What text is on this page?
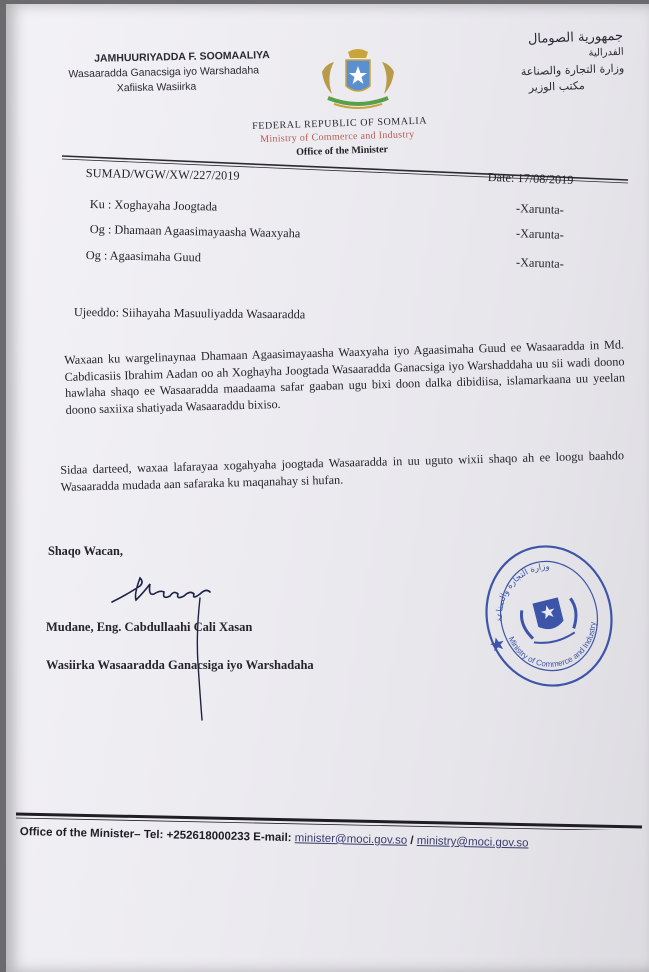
JAMHUURIYADDA F. SOOMAALIYA
Wasaaradda Ganacsiga iyo Warshadaha
Xafiiska Wasiirka
جمهورية الصومال
الفدرالية
وزارة التجارة والصناعة
مكتب الوزير
FEDERAL REPUBLIC OF SOMALIA
Ministry of Commerce and Industry
Office of the Minister
SUMAD/WGW/XW/227/2019	Date: 17/08/2019
Ku : Xoghayaha Joogtada	-Xarunta-
Og : Dhamaan Agaasimayaasha Waaxyaha	-Xarunta-
Og : Agaasimaha Guud	-Xarunta-
Ujeeddo: Siihayaha Masuuliyadda Wasaaradda
Waxaan ku wargelinaynaa Dhamaan Agaasimayaasha Waaxyaha iyo Agaasimaha Guud ee Wasaaradda in Md. Cabdicasiis Ibrahim Aadan oo ah Xoghayha Joogtada Wasaaradda Ganacsiga iyo Warshaddaha uu sii wadi doono hawlaha shaqo ee Wasaaradda maadaama safar gaaban ugu bixi doon dalka dibidiisa, islamarkaana uu yeelan doono saxiixa shatiyada Wasaaraddu bixiso.
Sidaa darteed, waxaa lafarayaa xogahyaha joogtada Wasaaradda in uu uguto wixii shaqo ah ee loogu baahdo Wasaaradda mudada aan safaraka ku maqanahay si hufan.
Shaqo Wacan,
Mudane, Eng. Cabdullaahi Cali Xasan
Wasiirka Wasaaradda Ganacsiga iyo Warshadaha
وزارة التجارة والصناعة
Ministry of Commerce and Industry
Office of the Minister– Tel: +252618000233 E-mail: minister@moci.gov.so / ministry@moci.gov.so
